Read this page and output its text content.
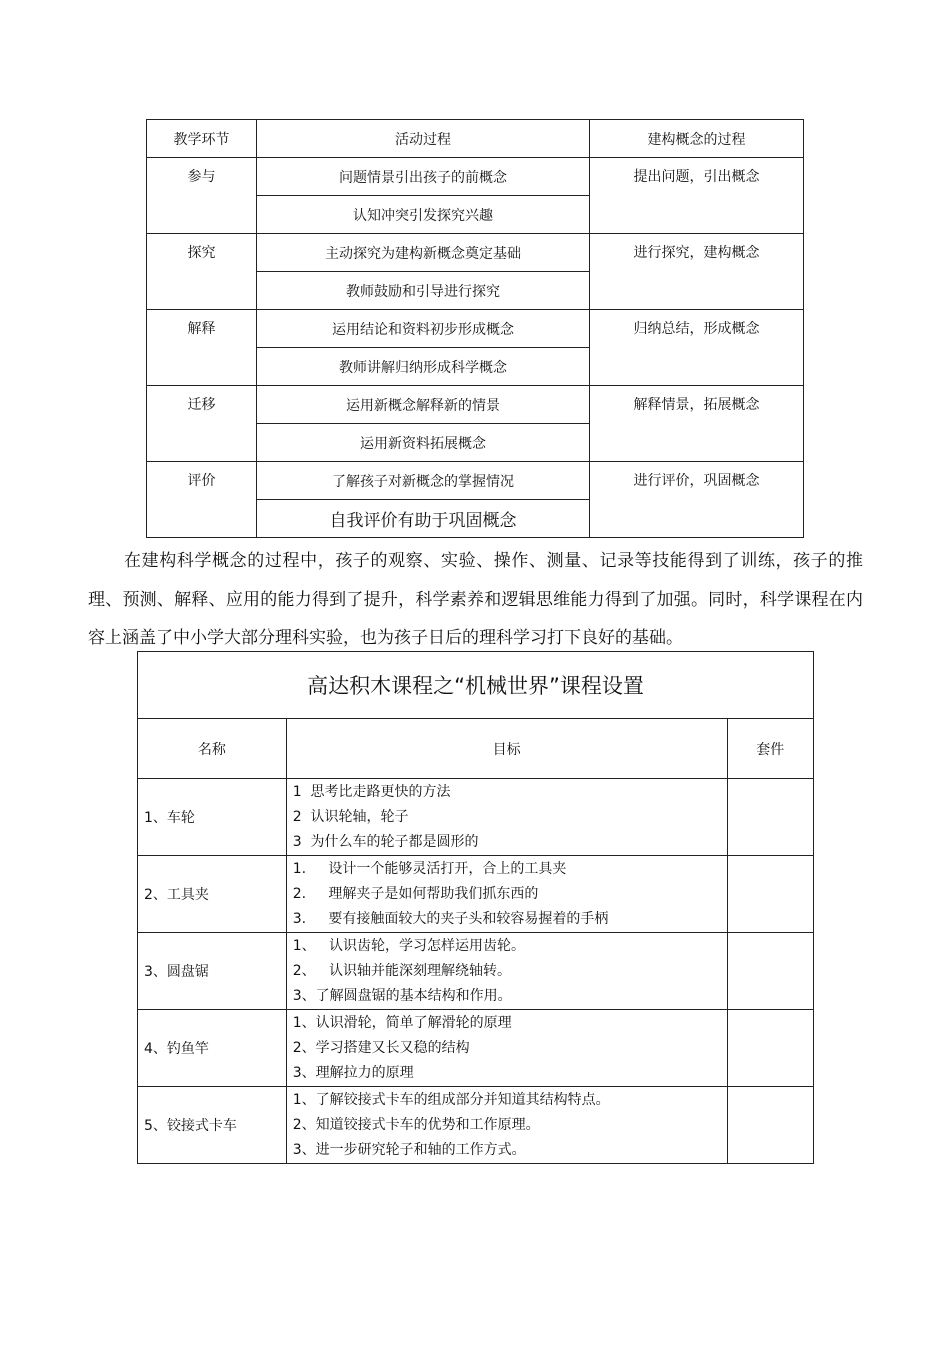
教学环节	活动过程	建构概念的过程
参与	问题情景引出孩子的前概念	提出问题，引出概念
	认知冲突引发探究兴趣	
探究	主动探究为建构新概念奠定基础	进行探究，建构概念
	教师鼓励和引导进行探究	
解释	运用结论和资料初步形成概念	归纳总结，形成概念
	教师讲解归纳形成科学概念	
迁移	运用新概念解释新的情景	解释情景，拓展概念
	运用新资料拓展概念	
评价	了解孩子对新概念的掌握情况	进行评价，巩固概念
	自我评价有助于巩固概念	

在建构科学概念的过程中，孩子的观察、实验、操作、测量、记录等技能得到了训练，孩子的推理、预测、解释、应用的能力得到了提升，科学素养和逻辑思维能力得到了加强。同时，科学课程在内容上涵盖了中小学大部分理科实验，也为孩子日后的理科学习打下良好的基础。

高达积木课程之“机械世界”课程设置		
名称	目标	套件
1、车轮	1  思考比走路更快的方法
2  认识轮轴，轮子
3  为什么车的轮子都是圆形的	

2、工具夹	1.     设计一个能够灵活打开，合上的工具夹
2.     理解夹子是如何帮助我们抓东西的
3.     要有接触面较大的夹子头和较容易握着的手柄	

3、圆盘锯	1、   认识齿轮，学习怎样运用齿轮。
2、   认识轴并能深刻理解绕轴转。
3、了解圆盘锯的基本结构和作用。	

4、钓鱼竿	1、认识滑轮，简单了解滑轮的原理
2、学习搭建又长又稳的结构
3、理解拉力的原理	

5、铰接式卡车	1、了解铰接式卡车的组成部分并知道其结构特点。
2、知道铰接式卡车的优势和工作原理。
3、进一步研究轮子和轴的工作方式。	
